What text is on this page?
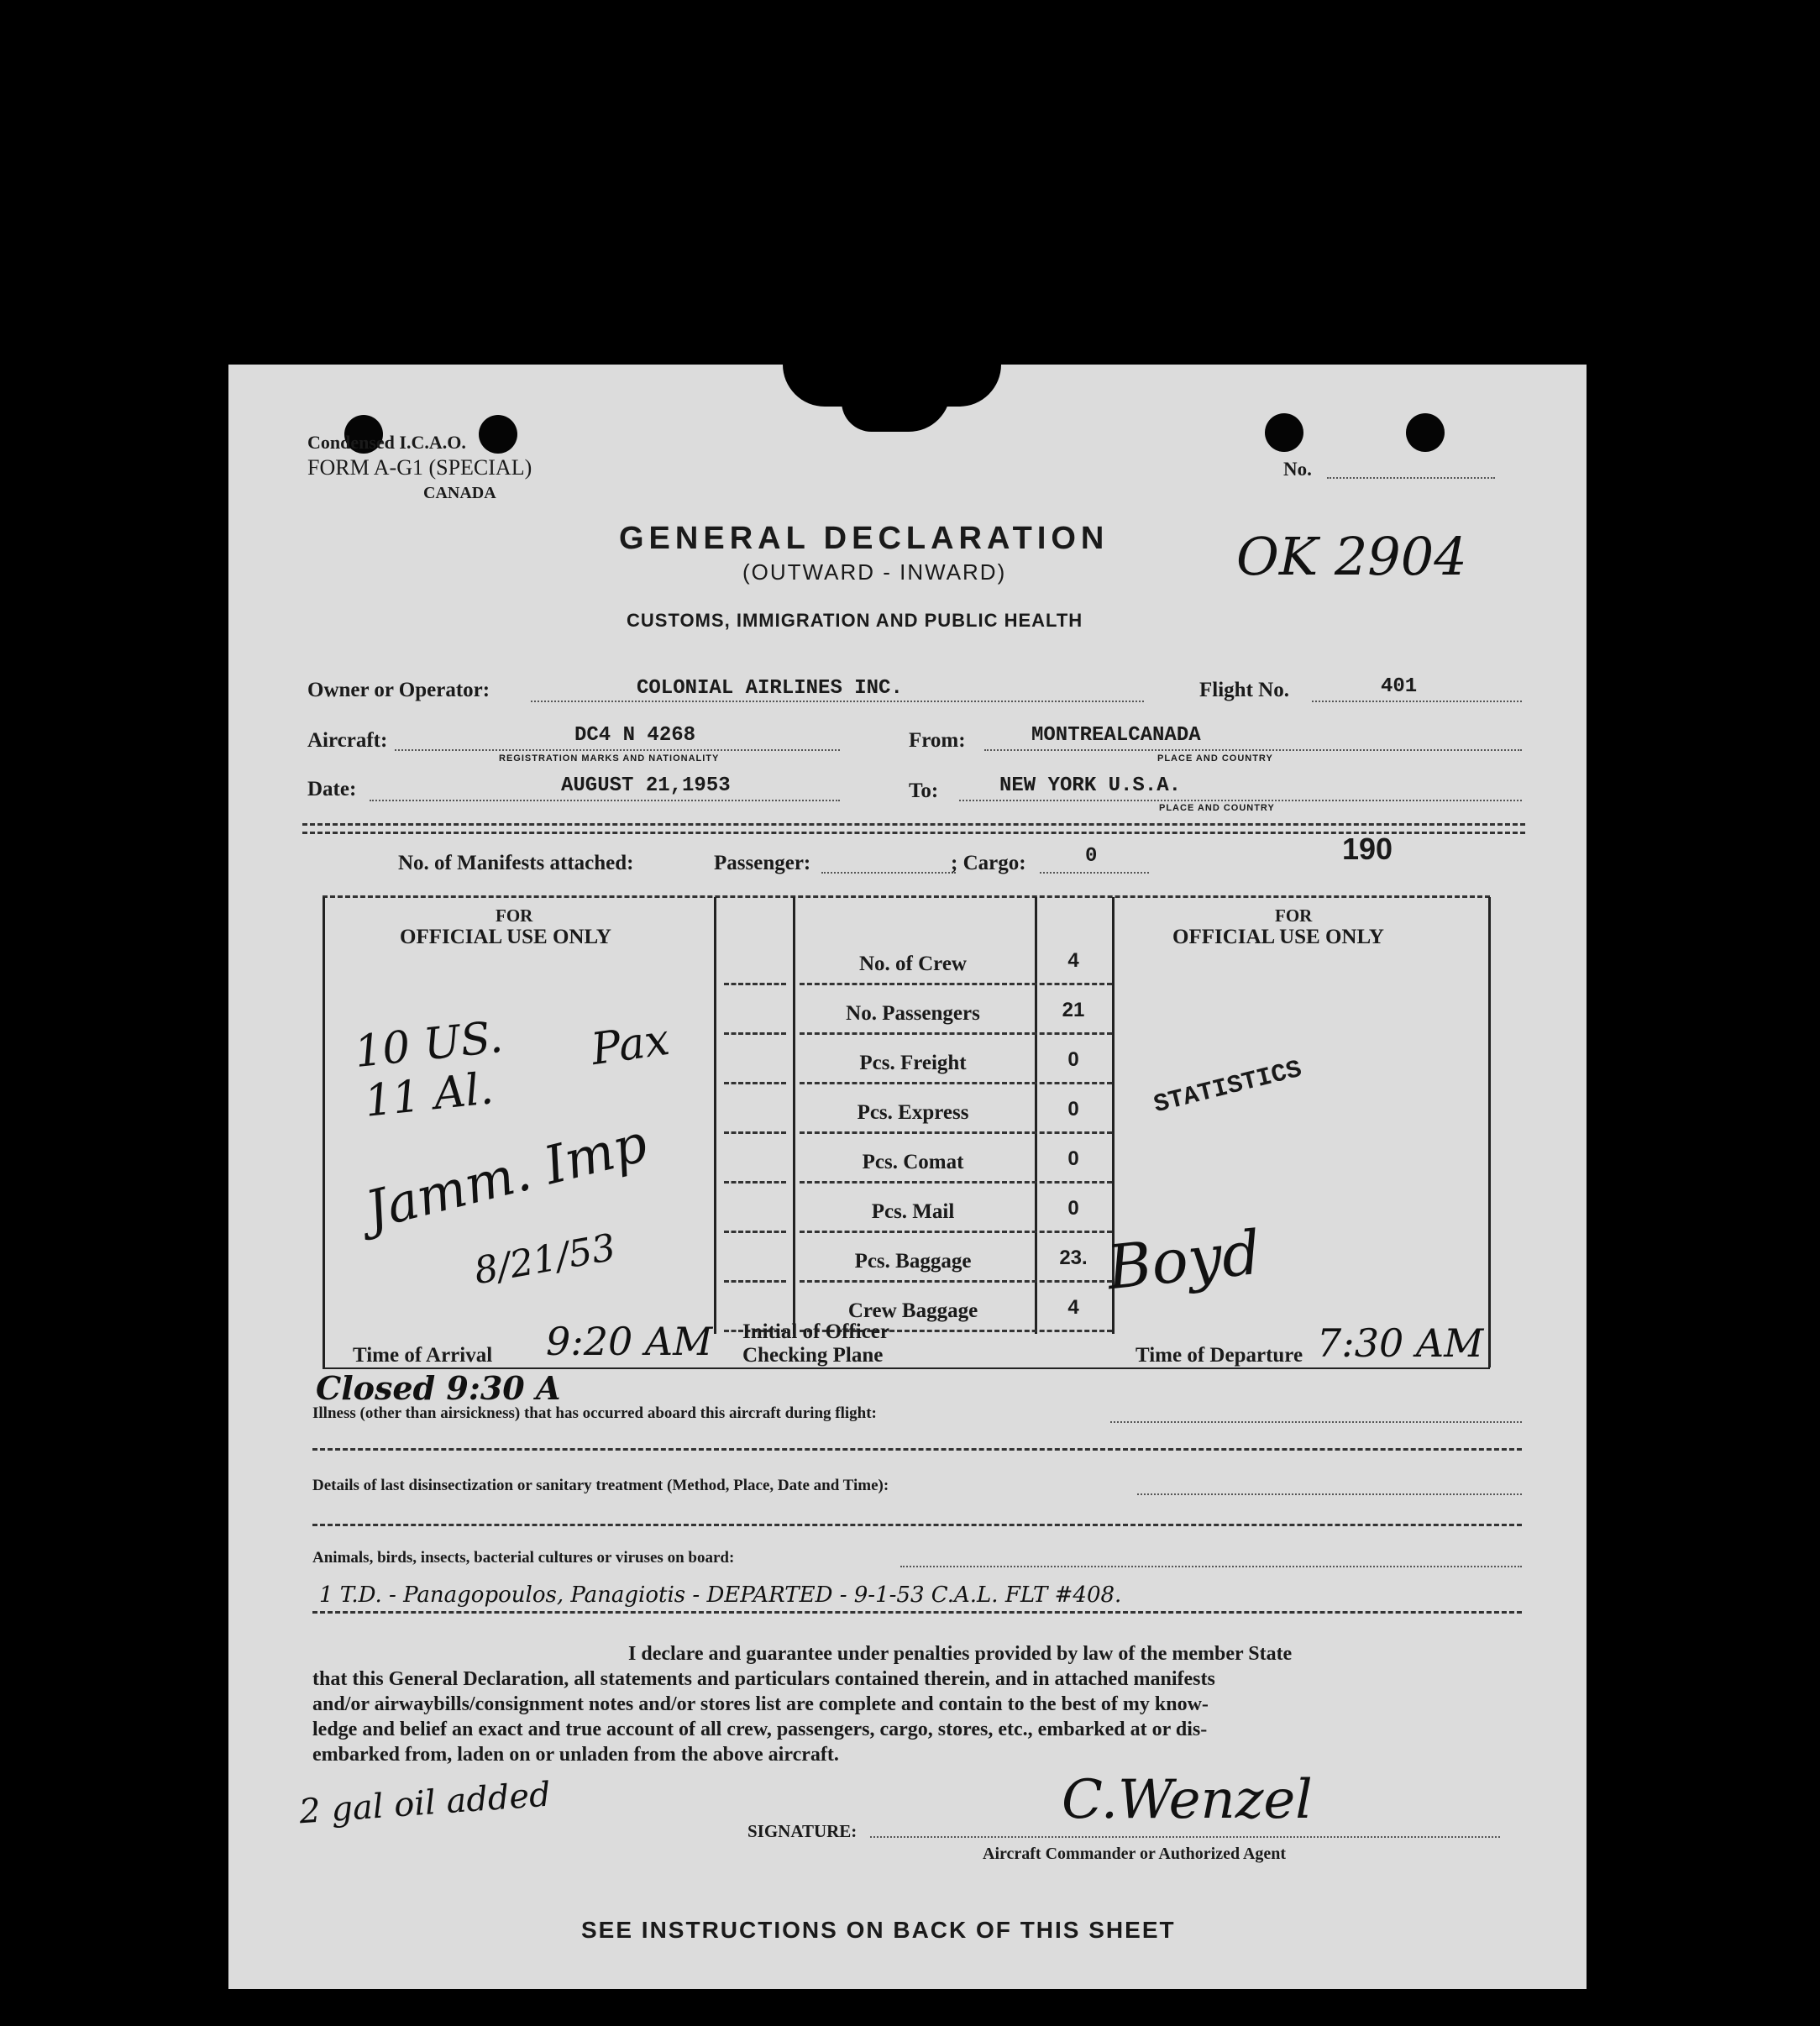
Condensed I.C.A.O.
FORM A-G1 (SPECIAL)
CANADA
No.
GENERAL DECLARATION
(OUTWARD - INWARD)
CUSTOMS, IMMIGRATION AND PUBLIC HEALTH
OK 2904
Owner or Operator:	COLONIAL AIRLINES INC.	Flight No.	401
Aircraft:	DC4 N 4268
REGISTRATION MARKS AND NATIONALITY
From:	MONTREALCANADA
PLACE AND COUNTRY
Date:	AUGUST 21,1953	To:	NEW YORK U.S.A.
PLACE AND COUNTRY
No. of Manifests attached:	Passenger:	; Cargo:	0	190
FOR
OFFICIAL USE ONLY
FOR
OFFICIAL USE ONLY
No. of Crew	4
No. Passengers	21
Pcs. Freight	0
Pcs. Express	0
Pcs. Comat	0
Pcs. Mail	0
Pcs. Baggage	23.
Crew Baggage	4
10 US.
11 Al.
Pax
Jamm. Imp
8/21/53
STATISTICS
Boyd
Time of Arrival 9:20 AM Initial of Officer
Checking Plane	Time of Departure 7:30 AM
Closed 9:30 A
Illness (other than airsickness) that has occurred aboard this aircraft during flight:
Details of last disinsectization or sanitary treatment (Method, Place, Date and Time):
Animals, birds, insects, bacterial cultures or viruses on board:
1 T.D. - Panagopoulos, Panagiotis - DEPARTED - 9-1-53 C.A.L. FLT #408.
I declare and guarantee under penalties provided by law of the member State
that this General Declaration, all statements and particulars contained therein, and in attached manifests
and/or airwaybills/consignment notes and/or stores list are complete and contain to the best of my know-
ledge and belief an exact and true account of all crew, passengers, cargo, stores, etc., embarked at or dis-
embarked from, laden on or unladen from the above aircraft.
2 gal oil added	SIGNATURE:	C.Wenzel
Aircraft Commander or Authorized Agent
SEE INSTRUCTIONS ON BACK OF THIS SHEET
